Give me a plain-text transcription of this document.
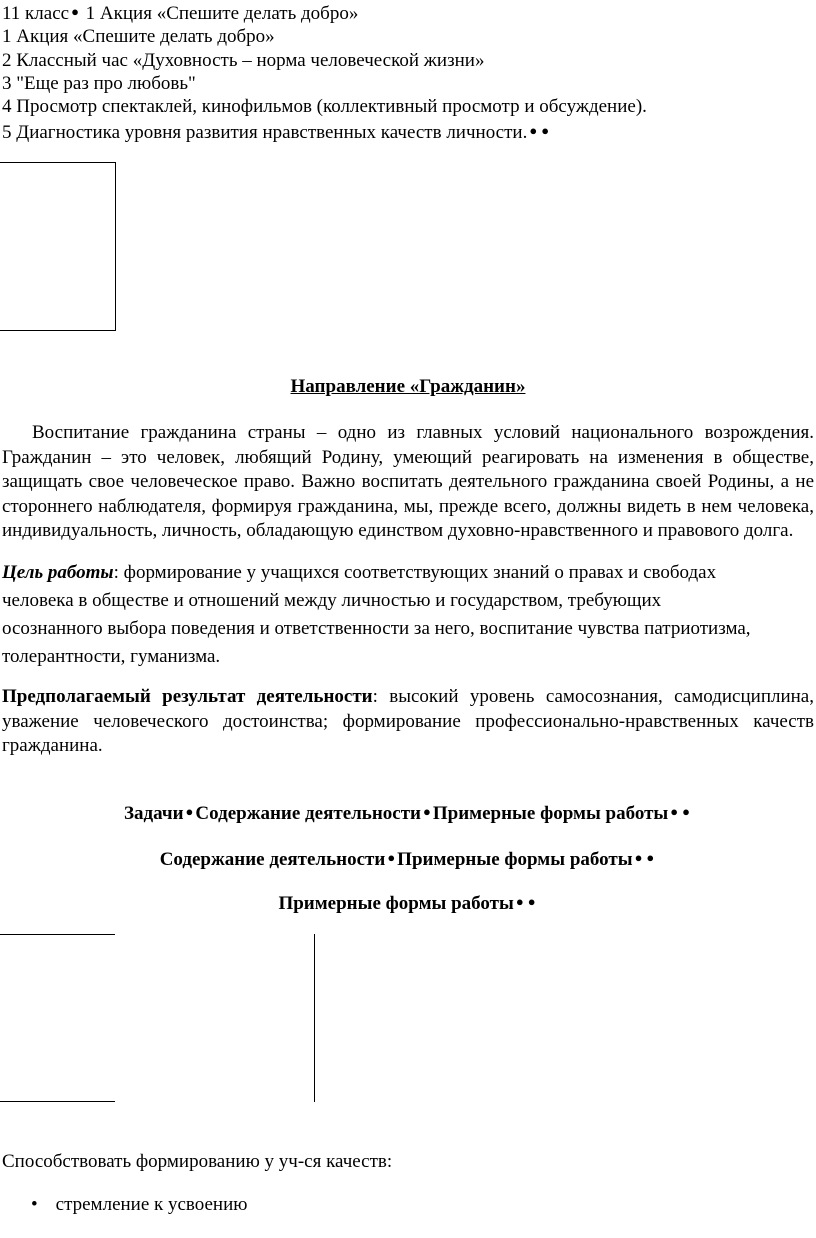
11 класс ● 1 Акция «Спешите делать добро»
1 Акция «Спешите делать добро»
2 Классный час «Духовность – норма человеческой жизни»
3 "Еще раз про любовь"
4 Просмотр спектаклей, кинофильмов (коллективный просмотр и обсуждение).
5 Диагностика уровня развития нравственных качеств личности. ● ●
Направление «Гражданин»
Воспитание гражданина страны – одно из главных условий национального возрождения. Гражданин – это человек, любящий Родину, умеющий реагировать на изменения в обществе, защищать свое человеческое право. Важно воспитать деятельного гражданина своей Родины, а не стороннего наблюдателя, формируя гражданина, мы, прежде всего, должны видеть в нем человека, индивидуальность, личность, обладающую единством духовно-нравственного и правового долга.
Цель работы: формирование у учащихся соответствующих знаний о правах и свободах
человека в обществе и отношений между личностью и государством, требующих
осознанного выбора поведения и ответственности за него, воспитание чувства патриотизма,
толерантности, гуманизма.
Предполагаемый результат деятельности: высокий уровень самосознания, самодисциплина, уважение человеческого достоинства; формирование профессионально-нравственных качеств гражданина.
Задачи ● Содержание деятельности ● Примерные формы работы ● ●
Содержание деятельности ● Примерные формы работы ● ●
Примерные формы работы ● ●
Способствовать формированию у уч-ся качеств:
• стремление к усвоению
